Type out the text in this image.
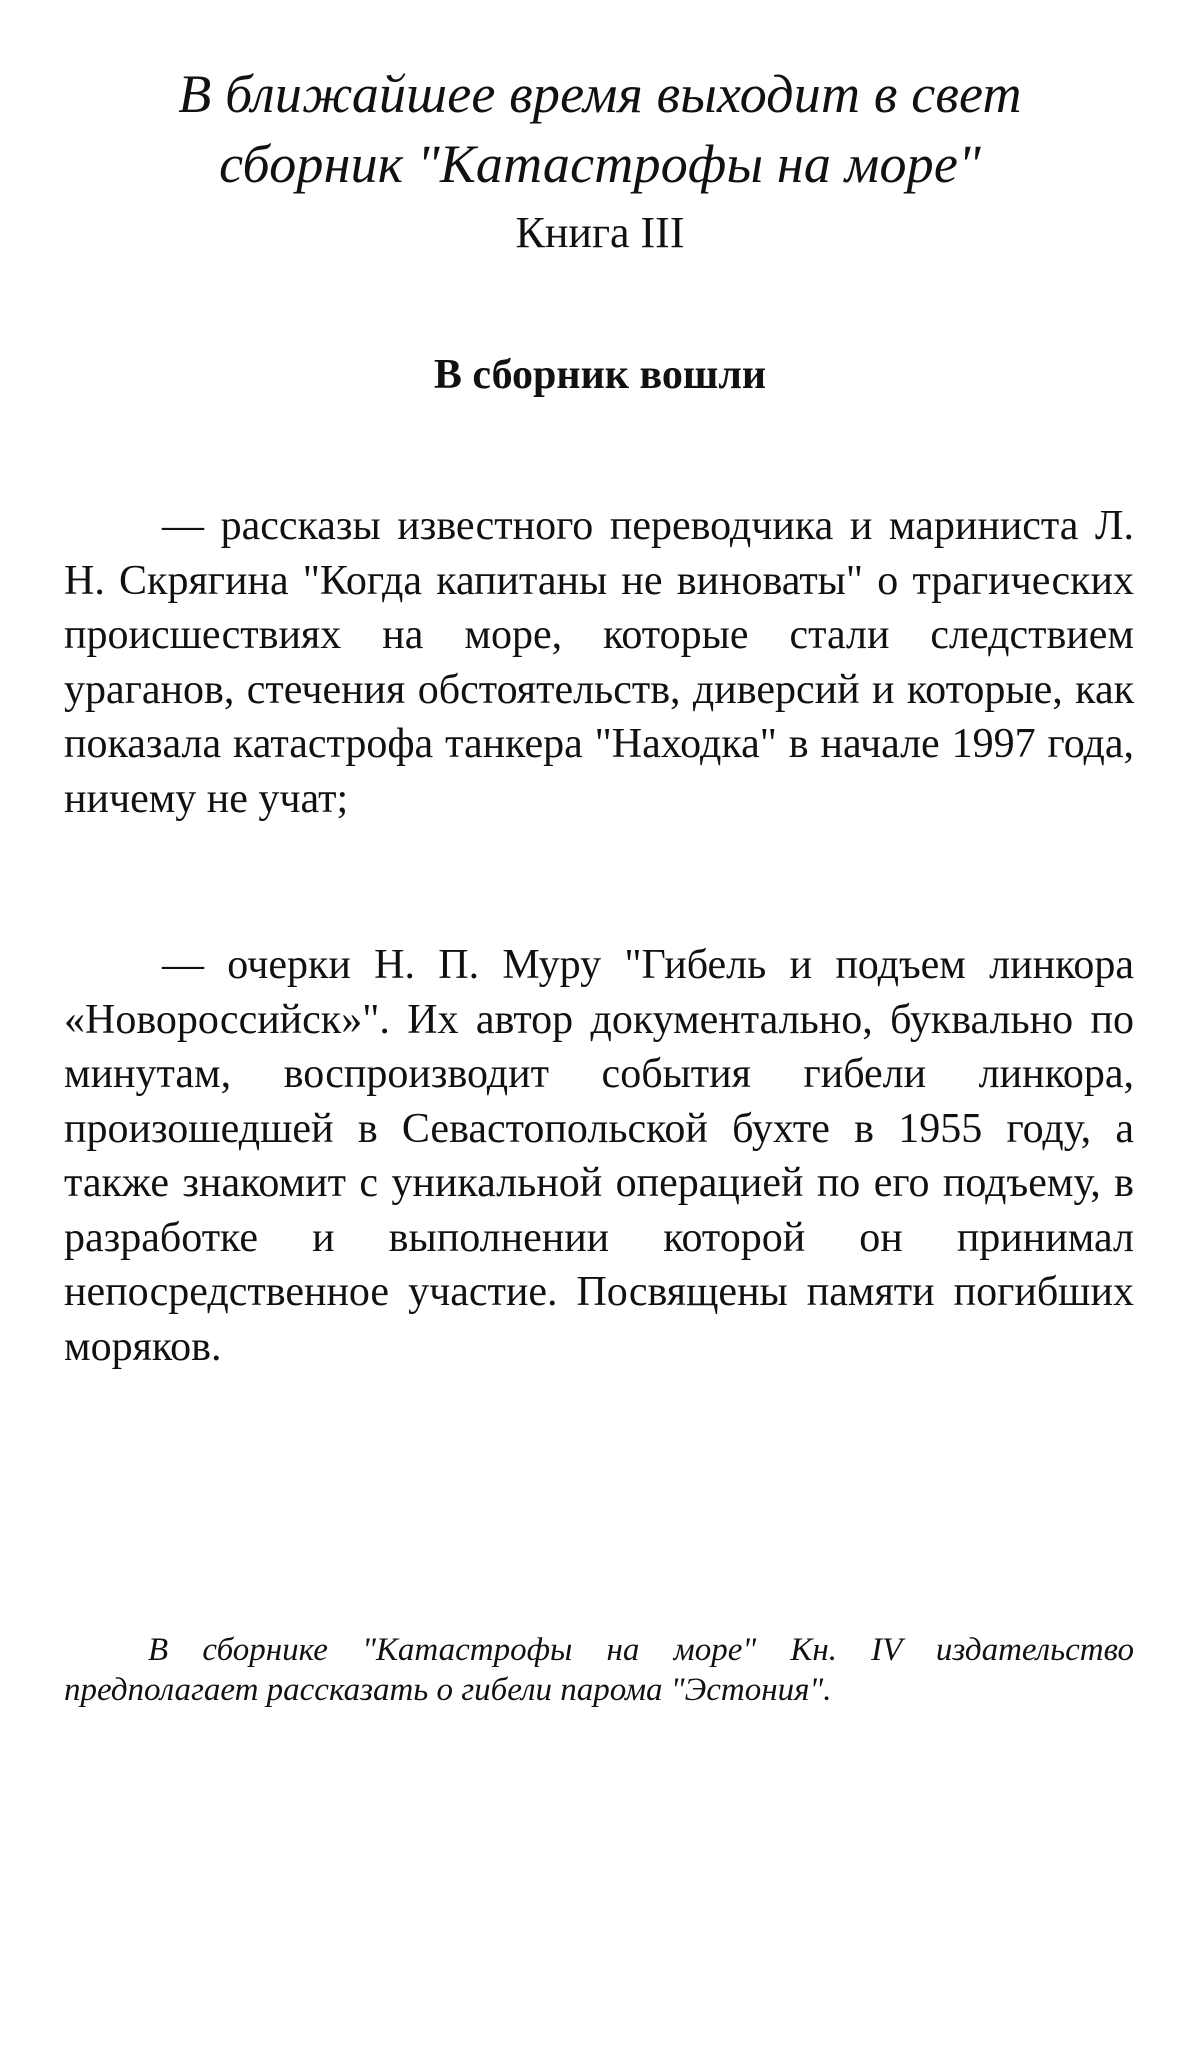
В ближайшее время выходит в свет
сборник "Катастрофы на море"
Книга III
В сборник вошли

— рассказы известного переводчика и мариниста Л. Н. Скрягина "Когда капитаны не виноваты" о трагических происшествиях на море, которые стали следствием ураганов, стечения обстоятельств, диверсий и которые, как показала катастрофа танкера "Находка" в начале 1997 года, ничему не учат;

— очерки Н. П. Муру "Гибель и подъем линкора «Новороссийск»". Их автор документально, буквально по минутам, воспроизводит события гибели линкора, произошедшей в Севастопольской бухте в 1955 году, а также знакомит с уникальной операцией по его подъему, в разработке и выполнении которой он принимал непосредственное участие. Посвящены памяти погибших моряков.

В сборнике "Катастрофы на море" Кн. IV издательство предполагает рассказать о гибели парома "Эстония".
